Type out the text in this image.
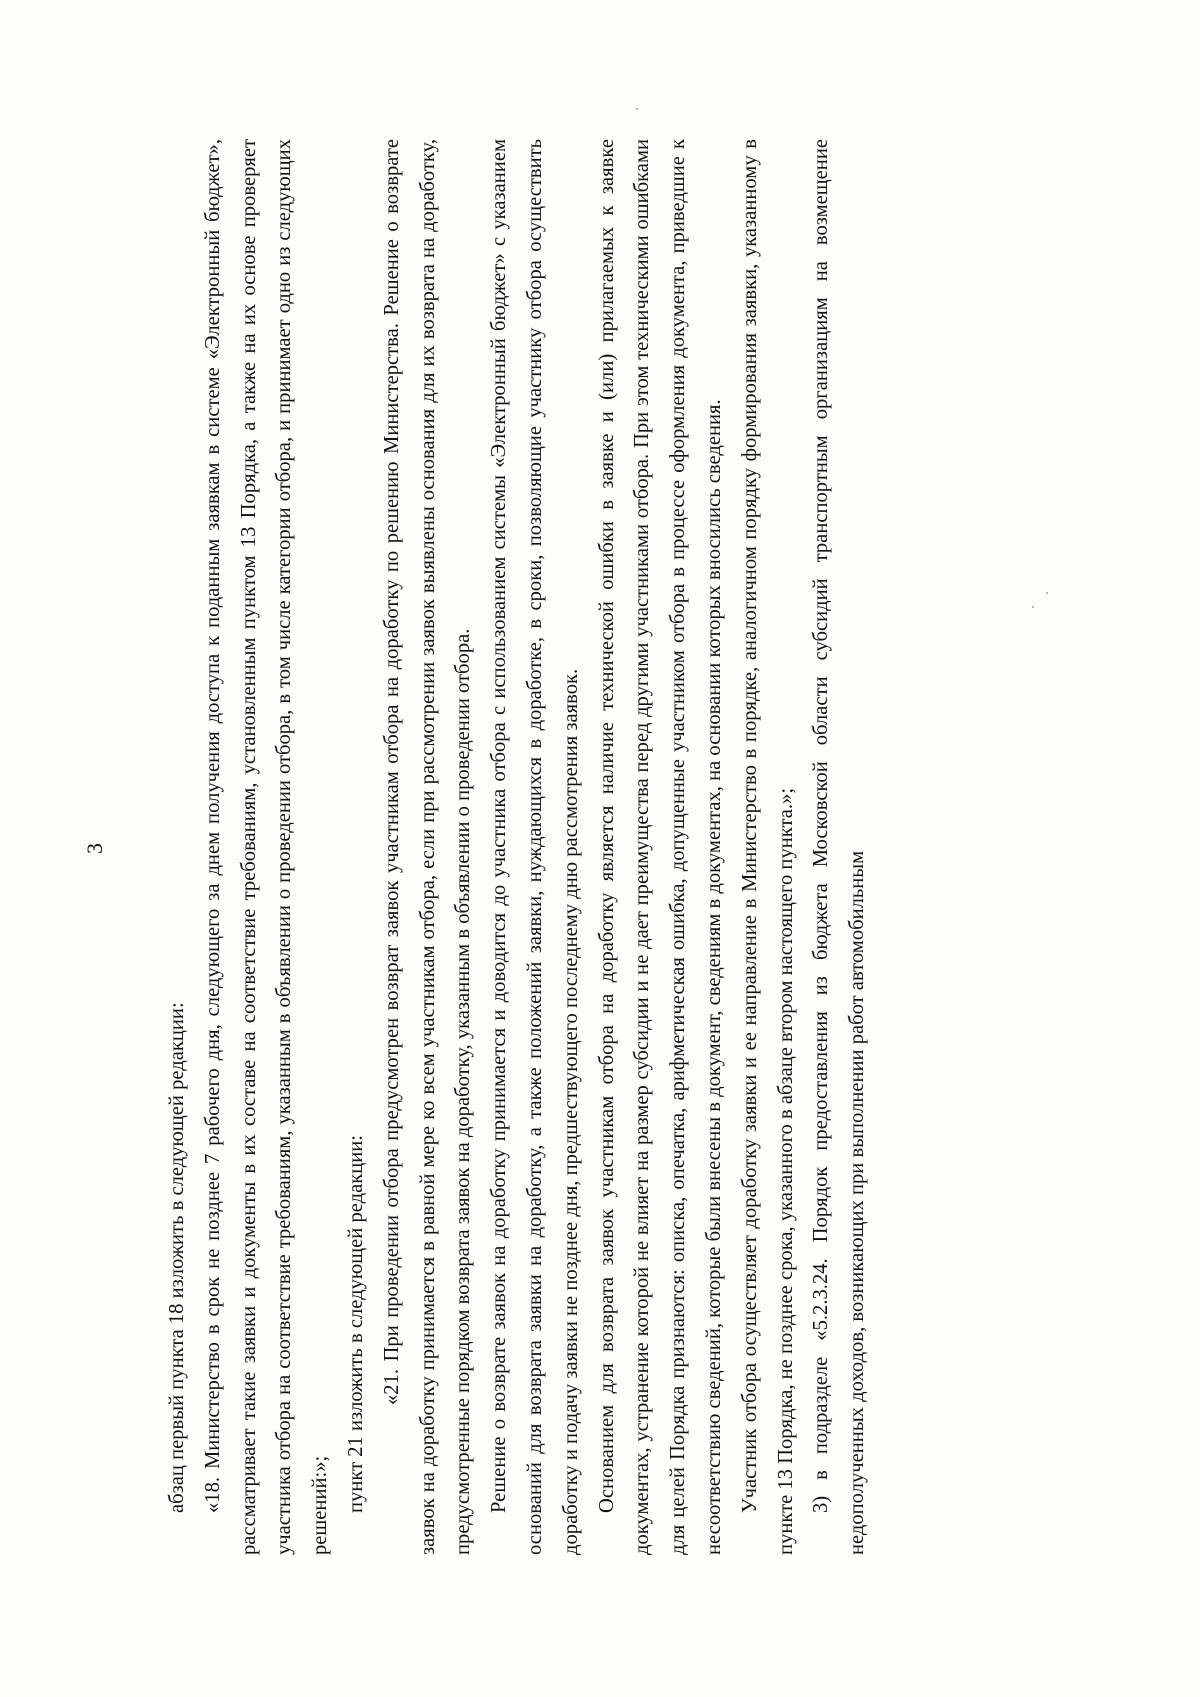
3

абзац первый пункта 18 изложить в следующей редакции: «18. Министерство в срок не позднее 7 рабочего дня, следующего за днем получения доступа к поданным заявкам в системе «Электронный бюджет», рассматривает такие заявки и документы в их составе на соответствие требованиям, установленным пунктом 13 Порядка, а также на их основе проверяет участника отбора на соответствие требованиям, указанным в объявлении о проведении отбора, в том числе категории отбора, и принимает одно из следующих решений:»; пункт 21 изложить в следующей редакции: «21. При проведении отбора предусмотрен возврат заявок участникам отбора на доработку по решению Министерства. Решение о возврате заявок на доработку принимается в равной мере ко всем участникам отбора, если при рассмотрении заявок выявлены основания для их возврата на доработку, предусмотренные порядком возврата заявок на доработку, указанным в объявлении о проведении отбора. Решение о возврате заявок на доработку принимается и доводится до участника отбора с использованием системы «Электронный бюджет» с указанием оснований для возврата заявки на доработку, а также положений заявки, нуждающихся в доработке, в сроки, позволяющие участнику отбора осуществить доработку и подачу заявки не позднее дня, предшествующего последнему дню рассмотрения заявок. Основанием для возврата заявок участникам отбора на доработку является наличие технической ошибки в заявке и (или) прилагаемых к заявке документах, устранение которой не влияет на размер субсидии и не дает преимущества перед другими участниками отбора. При этом техническими ошибками для целей Порядка признаются: описка, опечатка, арифметическая ошибка, допущенные участником отбора в процессе оформления документа, приведшие к несоответствию сведений, которые были внесены в документ, сведениям в документах, на основании которых вносились сведения. Участник отбора осуществляет доработку заявки и ее направление в Министерство в порядке, аналогичном порядку формирования заявки, указанному в пункте 13 Порядка, не позднее срока, указанного в абзаце втором настоящего пункта.»; 3) в подразделе «5.2.3.24. Порядок предоставления из бюджета Московской области субсидий транспортным организациям на возмещение недополученных доходов, возникающих при выполнении работ автомобильным
